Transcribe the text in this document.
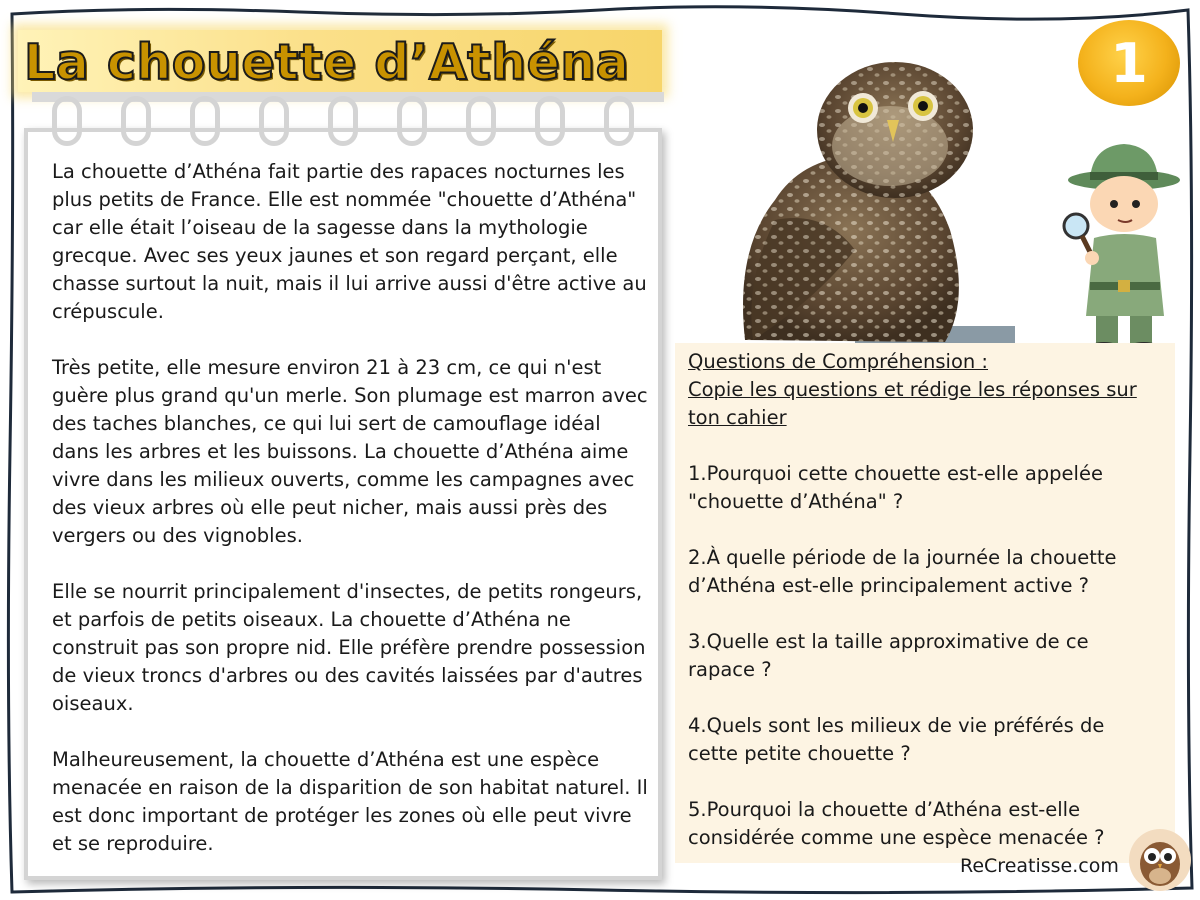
La chouette d’Athéna	1

La chouette d’Athéna fait partie des rapaces nocturnes les plus petits de France. Elle est nommée "chouette d’Athéna" car elle était l’oiseau de la sagesse dans la mythologie grecque. Avec ses yeux jaunes et son regard perçant, elle chasse surtout la nuit, mais il lui arrive aussi d'être active au crépuscule.

Très petite, elle mesure environ 21 à 23 cm, ce qui n'est guère plus grand qu'un merle. Son plumage est marron avec des taches blanches, ce qui lui sert de camouflage idéal dans les arbres et les buissons. La chouette d’Athéna aime vivre dans les milieux ouverts, comme les campagnes avec des vieux arbres où elle peut nicher, mais aussi près des vergers ou des vignobles.

Elle se nourrit principalement d'insectes, de petits rongeurs, et parfois de petits oiseaux. La chouette d’Athéna ne construit pas son propre nid. Elle préfère prendre possession de vieux troncs d'arbres ou des cavités laissées par d'autres oiseaux.

Malheureusement, la chouette d’Athéna est une espèce menacée en raison de la disparition de son habitat naturel. Il est donc important de protéger les zones où elle peut vivre et se reproduire.

Questions de Compréhension :

Copie les questions et rédige les réponses sur ton cahier

1.Pourquoi cette chouette est-elle appelée "chouette d’Athéna" ?

2.À quelle période de la journée la chouette d’Athéna est-elle principalement active ?

3.Quelle est la taille approximative de ce rapace ?

4.Quels sont les milieux de vie préférés de cette petite chouette ?

5.Pourquoi la chouette d’Athéna est-elle considérée comme une espèce menacée ?

ReCreatisse.com
